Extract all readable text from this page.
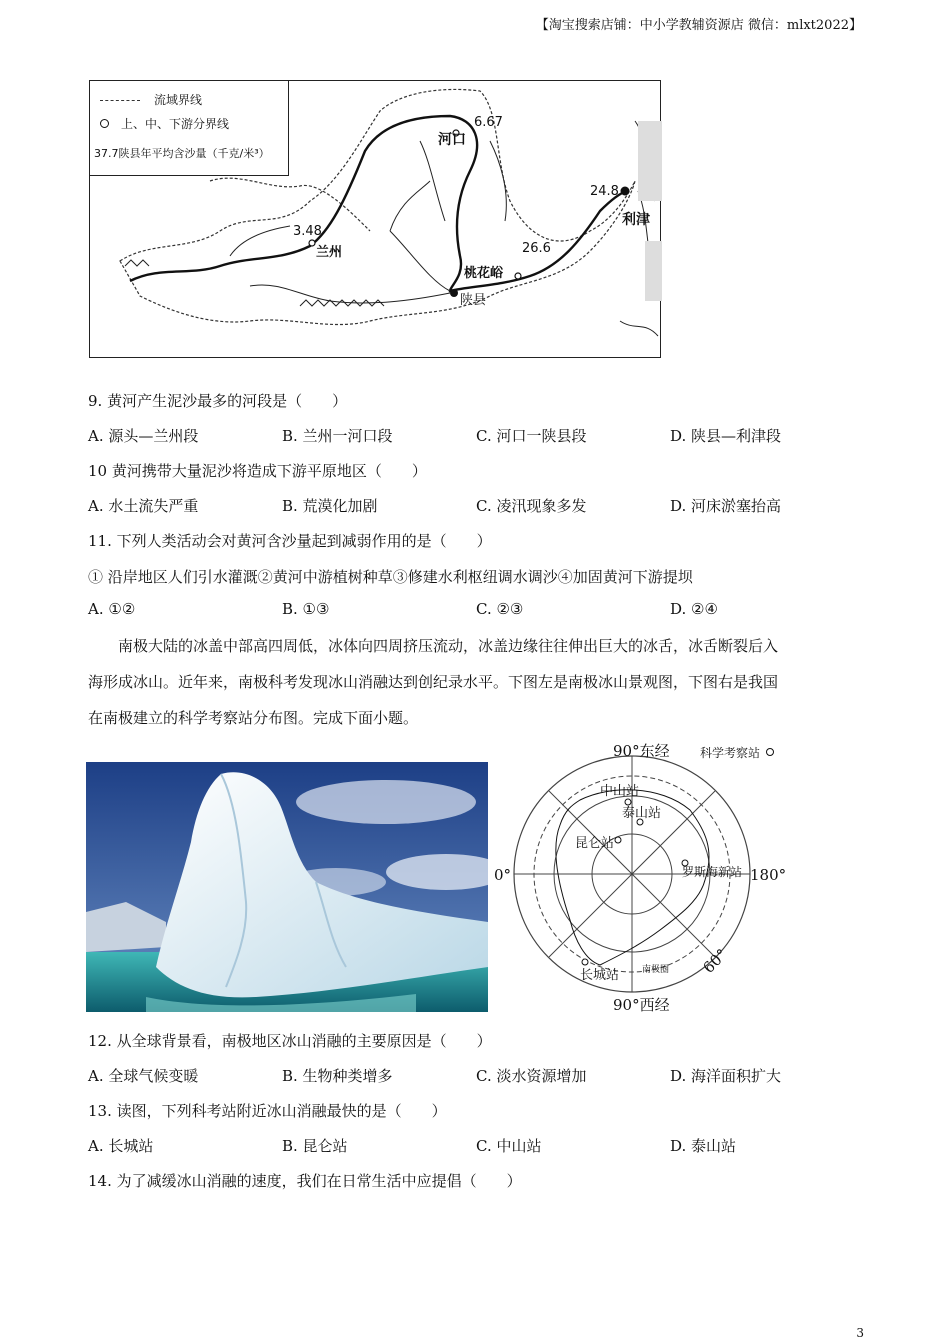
【淘宝搜索店铺：中小学教辅资源店 微信：mlxt2022】
流域界线
上、中、下游分界线
37.7陕县年平均含沙量（千克/米³）
河口
6.67
3.48
兰州	26.6
桃花峪
陕县
24.8
利津
9. 黄河产生泥沙最多的河段是（　　）
A. 源头—兰州段	B. 兰州一河口段	C. 河口一陕县段	D. 陕县—利津段
10 黄河携带大量泥沙将造成下游平原地区（　　）
A. 水土流失严重	B. 荒漠化加剧	C. 凌汛现象多发	D. 河床淤塞抬高
11. 下列人类活动会对黄河含沙量起到减弱作用的是（　　）
① 沿岸地区人们引水灌溉②黄河中游植树种草③修建水利枢纽调水调沙④加固黄河下游提坝
A. ①②	B. ①③	C. ②③	D. ②④
南极大陆的冰盖中部高四周低，冰体向四周挤压流动，冰盖边缘往往伸出巨大的冰舌，冰舌断裂后入
海形成冰山。近年来，南极科考发现冰山消融达到创纪录水平。下图左是南极冰山景观图，下图右是我国
在南极建立的科学考察站分布图。完成下面小题。
90°东经	科学考察站
0°	180°
60°
90°西经
中山站
泰山站
昆仑站
罗斯海新站
长城站	南极圈
12. 从全球背景看，南极地区冰山消融的主要原因是（　　）
A. 全球气候变暖	B. 生物种类增多	C. 淡水资源增加	D. 海洋面积扩大
13. 读图，下列科考站附近冰山消融最快的是（　　）
A. 长城站	B. 昆仑站	C. 中山站	D. 泰山站
14. 为了减缓冰山消融的速度，我们在日常生活中应提倡（　　）
3
